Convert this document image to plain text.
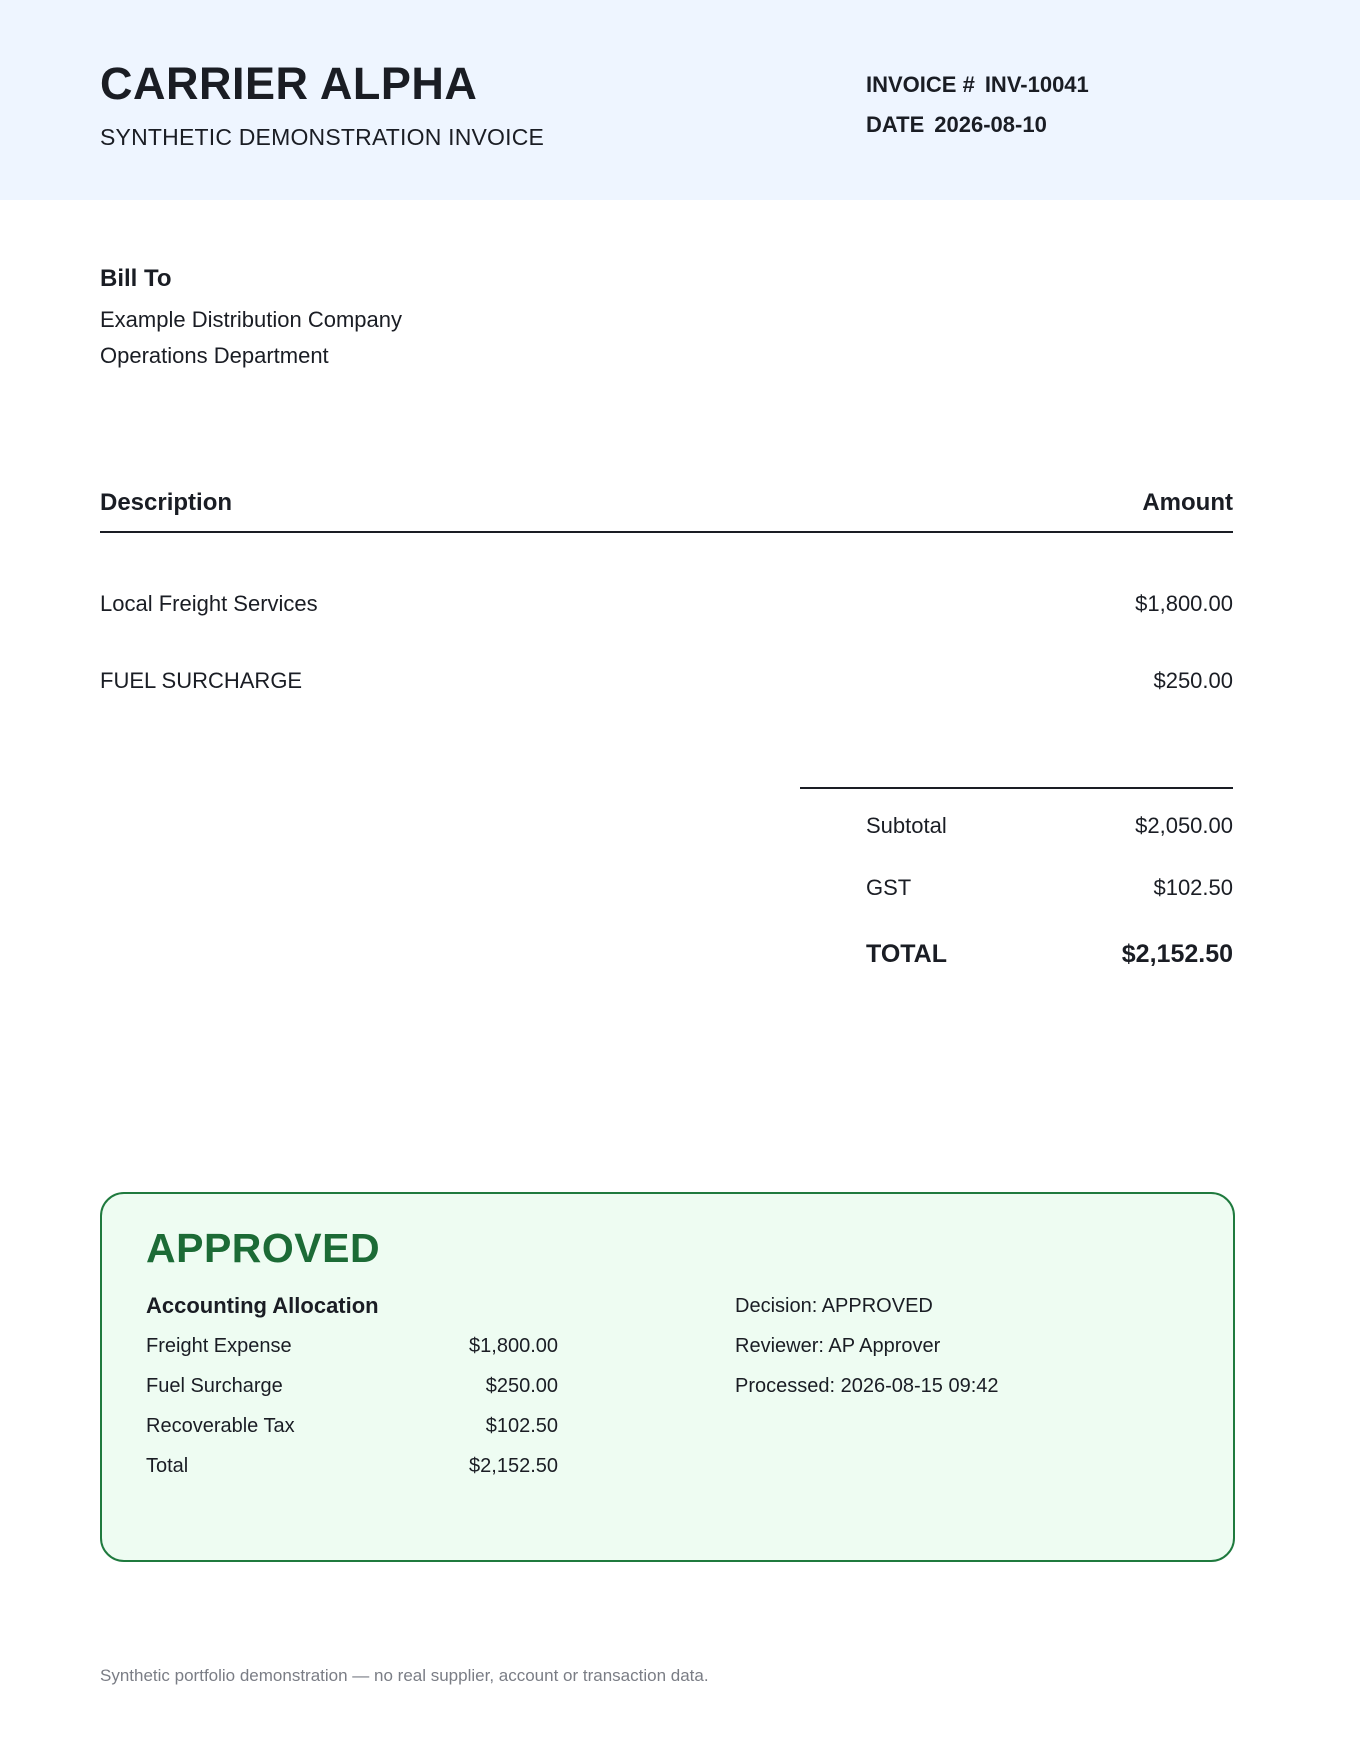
CARRIER ALPHA
SYNTHETIC DEMONSTRATION INVOICE
INVOICE # INV-10041
DATE 2026-08-10
Bill To
Example Distribution Company
Operations Department
Description	Amount
Local Freight Services	$1,800.00
FUEL SURCHARGE	$250.00
Subtotal	$2,050.00
GST	$102.50
TOTAL	$2,152.50
APPROVED
Accounting Allocation
Freight Expense	$1,800.00
Fuel Surcharge	$250.00
Recoverable Tax	$102.50
Total	$2,152.50
Decision: APPROVED
Reviewer: AP Approver
Processed: 2026-08-15 09:42
Synthetic portfolio demonstration — no real supplier, account or transaction data.
